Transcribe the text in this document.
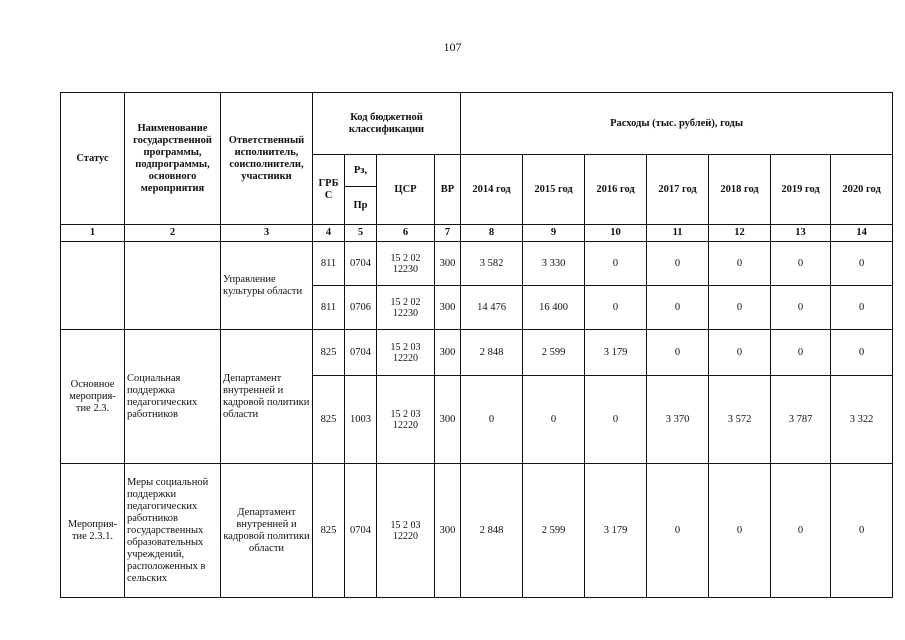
107
Статус	Наименование государственной программы, подпрограммы, основного мероприятия	Ответственный исполнитель, соисполнители, участники	Код бюджетной классификации				Расходы (тыс. рублей), годы						
			ГРБ С	Рз,	ЦСР	ВР	2014 год	2015 год	2016 год	2017 год	2018 год	2019 год	2020 год
				Пр									
1	2	3	4	5	6	7	8	9	10	11	12	13	14
		Управление культуры области	811	0704	15 2 02 12230	300	3 582	3 330	0	0	0	0	0
			811	0706	15 2 02 12230	300	14 476	16 400	0	0	0	0	0
Основное мероприя-тие 2.3.	Социальная поддержка педагогических работников	Департамент внутренней и кадровой политики области	825	0704	15 2 03 12220	300	2 848	2 599	3 179	0	0	0	0
			825	1003	15 2 03 12220	300	0	0	0	3 370	3 572	3 787	3 322
Мероприя-тие 2.3.1.	Меры социальной поддержки педагогических работников государственных образовательных учреждений, расположенных в сельских	Департамент внутренней и кадровой политики области	825	0704	15 2 03 12220	300	2 848	2 599	3 179	0	0	0	0
